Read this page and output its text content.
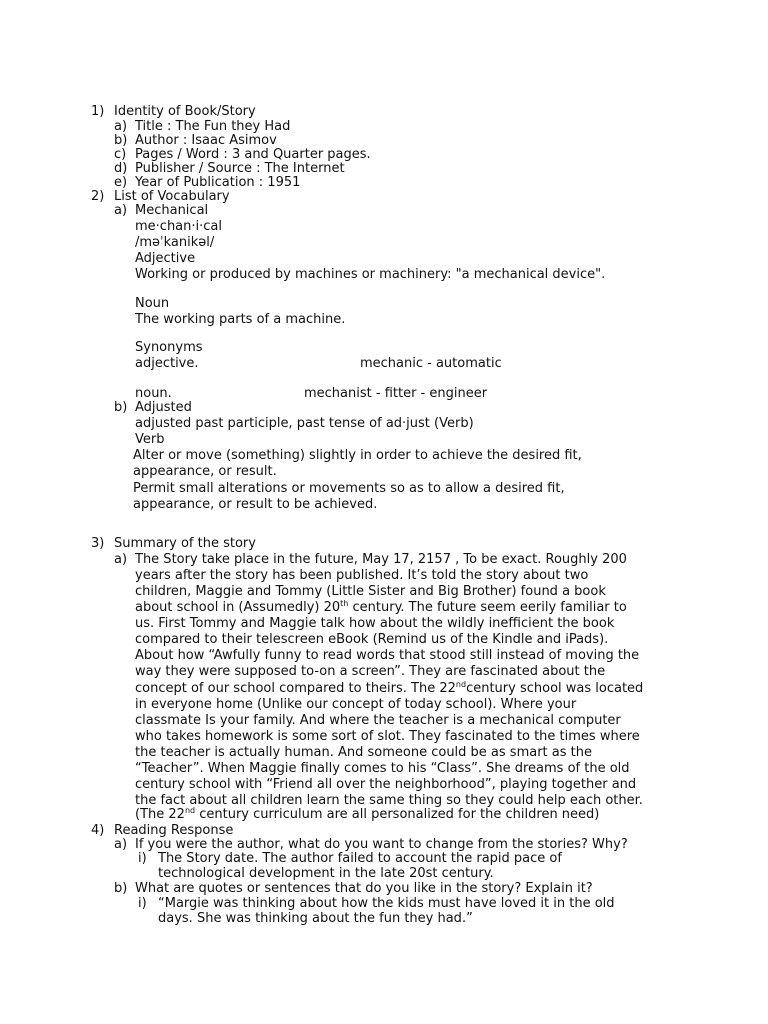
1) Identity of Book/Story
a) Title : The Fun they Had
b) Author : Isaac Asimov
c) Pages / Word : 3 and Quarter pages.
d) Publisher / Source : The Internet
e) Year of Publication : 1951
2) List of Vocabulary
a) Mechanical
me·chan·i·cal
/məˈkanikəl/
Adjective
Working or produced by machines or machinery: "a mechanical device".
Noun
The working parts of a machine.
Synonyms
adjective.	mechanic - automatic
noun.	mechanist - fitter - engineer
b) Adjusted
adjusted past participle, past tense of ad·just (Verb)
Verb
Alter or move (something) slightly in order to achieve the desired fit,
appearance, or result.
Permit small alterations or movements so as to allow a desired fit,
appearance, or result to be achieved.
3) Summary of the story
a) The Story take place in the future, May 17, 2157 , To be exact. Roughly 200
years after the story has been published. It’s told the story about two
children, Maggie and Tommy (Little Sister and Big Brother) found a book
about school in (Assumedly) 20th century. The future seem eerily familiar to
us. First Tommy and Maggie talk how about the wildly inefficient the book
compared to their telescreen eBook (Remind us of the Kindle and iPads).
About how “Awfully funny to read words that stood still instead of moving the
way they were supposed to-on a screen”. They are fascinated about the
concept of our school compared to theirs. The 22ndcentury school was located
in everyone home (Unlike our concept of today school). Where your
classmate Is your family. And where the teacher is a mechanical computer
who takes homework is some sort of slot. They fascinated to the times where
the teacher is actually human. And someone could be as smart as the
“Teacher”. When Maggie finally comes to his “Class”. She dreams of the old
century school with “Friend all over the neighborhood”, playing together and
the fact about all children learn the same thing so they could help each other.
(The 22nd century curriculum are all personalized for the children need)
4) Reading Response
a) If you were the author, what do you want to change from the stories? Why?
i) The Story date. The author failed to account the rapid pace of
technological development in the late 20st century.
b) What are quotes or sentences that do you like in the story? Explain it?
i) “Margie was thinking about how the kids must have loved it in the old
days. She was thinking about the fun they had.”
